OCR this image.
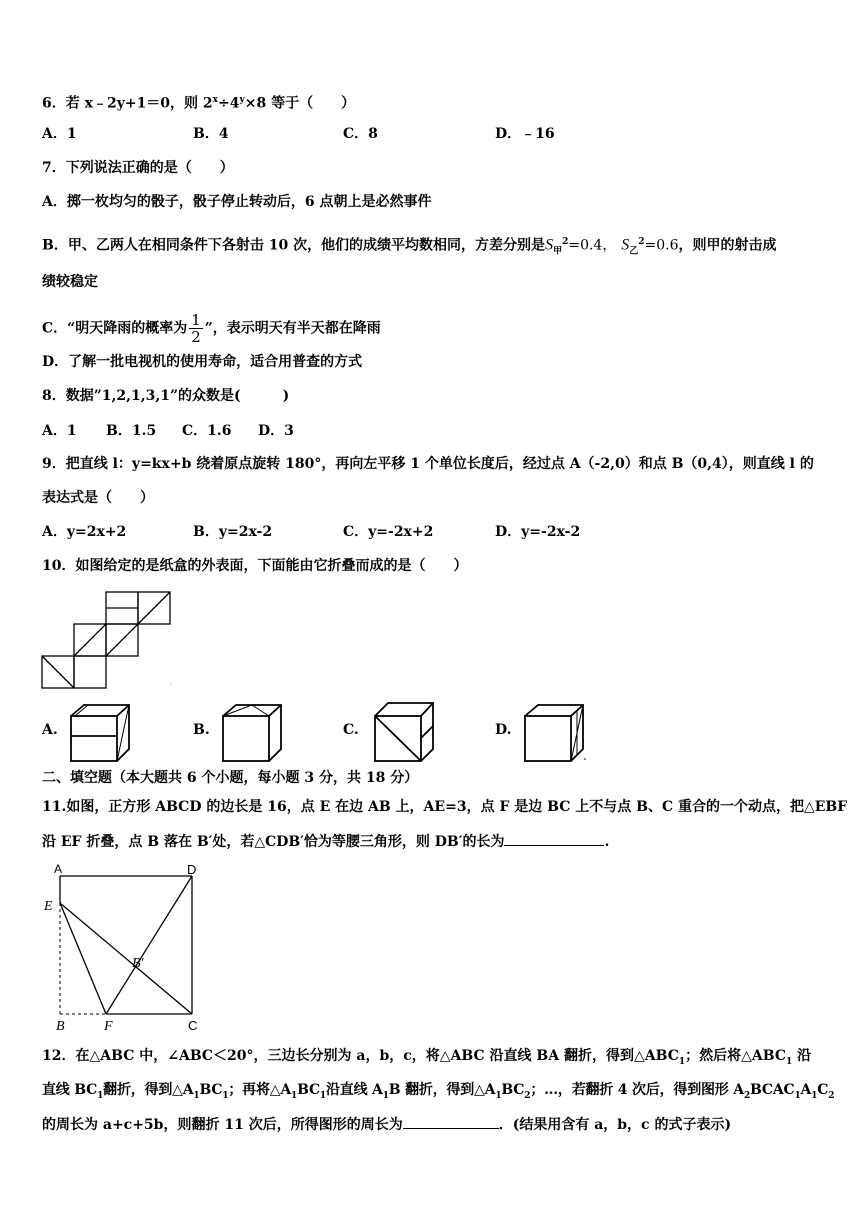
6．若 x﹣2y+1＝0，则 $2^x\div 4^y\times 8$ 等于（　　）
A．1	B．4	C．8	D．﹣16
7．下列说法正确的是（　　）
A．掷一枚均匀的骰子，骰子停止转动后，6 点朝上是必然事件
B．甲、乙两人在相同条件下各射击 10 次，他们的成绩平均数相同，方差分别是$S_甲^2=0.4$， $S_乙^2=0.6$，则甲的射击成
绩较稳定
C．“明天降雨的概率为 $\frac{1}{2}$ ”，表示明天有半天都在降雨
D．了解一批电视机的使用寿命，适合用普查的方式
8．数据”1,2,1,3,1”的众数是(　　　)
A．1 B．1.5 C．1.6 D．3
9．把直线 l：y=kx+b 绕着原点旋转 180°，再向左平移 1 个单位长度后，经过点 A（-2,0）和点 B（0,4），则直线 l 的
表达式是（　　）
A．y=2x+2	B．y=2x-2	C．y=-2x+2	D．y=-2x-2
10．如图给定的是纸盒的外表面，下面能由它折叠而成的是（　　）
.
A.	B.	C.	D.
二、填空题（本大题共 6 个小题，每小题 3 分，共 18 分）
11.如图，正方形 ABCD 的边长是 16，点 E 在边 AB 上，AE=3，点 F 是边 BC 上不与点 B、C 重合的一个动点，把△EBF
沿 EF 折叠，点 B 落在 B′处，若△CDB′恰为等腰三角形，则 DB′的长为	.
A	D
E
B′
B	F	C
12．在△ABC 中，∠ABC＜20°，三边长分别为 a，b，c，将△ABC 沿直线 BA 翻折，得到$\triangle ABC_1$；然后将$\triangle ABC_1$ 沿
直线 $BC_1$翻折，得到$\triangle A_1BC_1$；再将$\triangle A_1BC_1$沿直线 $A_1B$ 翻折，得到$\triangle A_1BC_2$；…，若翻折 4 次后，得到图形 $A_2BCAC_1A_1C_2$
的周长为 a+c+5b，则翻折 11 次后，所得图形的周长为	．(结果用含有 a，b，c 的式子表示)
